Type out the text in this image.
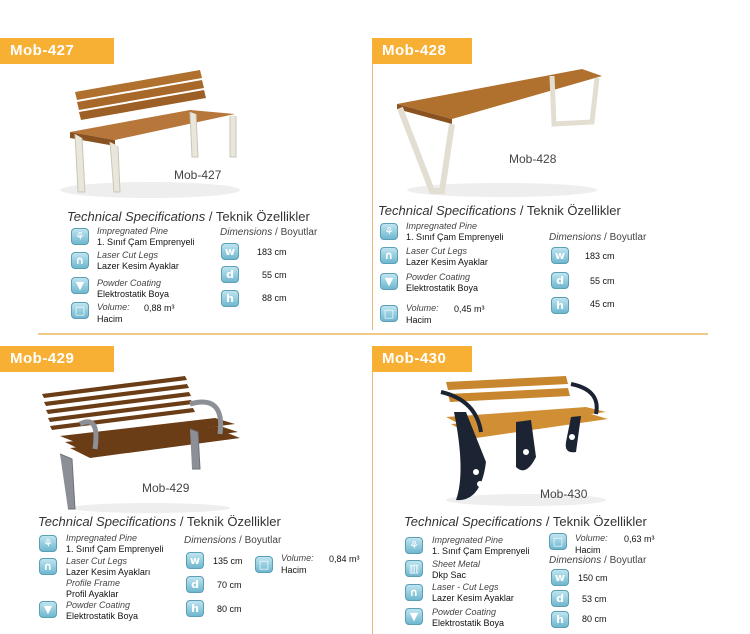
Mob-427
Mob-427
Technical Specifications / Teknik Özellikler
⚘	Impregnated Pine
1. Sınıf Çam Emprenyeli
∩	Laser Cut Legs
Lazer Kesim Ayaklar
▼	Powder Coating
Elektrostatik Boya
□	Volume: 0,88 m³
Hacim
Dimensions / Boyutlar
w	183 cm
d	55 cm
h	88 cm
Mob-428
Mob-428
Technical Specifications / Teknik Özellikler
⚘	Impregnated Pine
1. Sınıf Çam Emprenyeli
∩	Laser Cut Legs
Lazer Kesim Ayaklar
▼	Powder Coating
Elektrostatik Boya
□	Volume: 0,45 m³
Hacim
Dimensions / Boyutlar
w	183 cm
d	55 cm
h	45 cm
Mob-429
Mob-429
Technical Specifications / Teknik Özellikler
⚘	Impregnated Pine
1. Sınıf Çam Emprenyeli
∩	Laser Cut Legs
Lazer Kesim Ayakları
Profile Frame
Profil Ayaklar
▼	Powder Coating
Elektrostatik Boya
Dimensions / Boyutlar
w	135 cm
d	70 cm
h	80 cm
□	Volume: 0,84 m³
Hacim
Mob-430
Mob-430
Technical Specifications / Teknik Özellikler
⚘	Impregnated Pine
1. Sınıf Çam Emprenyeli
▥	Sheet Metal
Dkp Sac
∩	Laser - Cut Legs
Lazer Kesim Ayaklar
▼	Powder Coating
Elektrostatik Boya
□	Volume: 0,63 m³
Hacim
Dimensions / Boyutlar
w	150 cm
d	53 cm
h	80 cm
